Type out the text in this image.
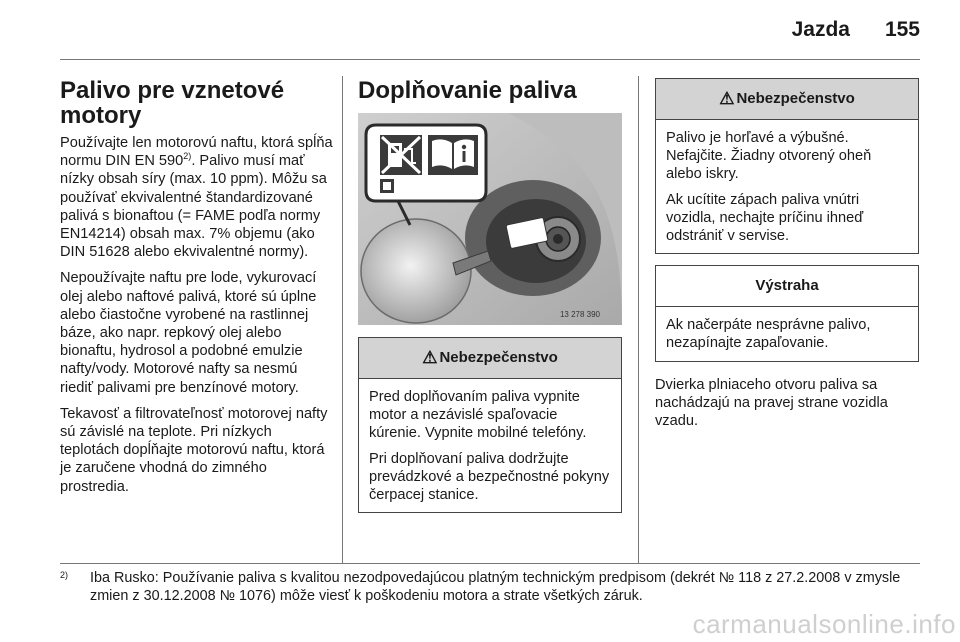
Jazda 155
Palivo pre vznetové motory

Používajte len motorovú naftu, ktorá spĺňa normu DIN EN 590$^{2)}$. Palivo musí mať nízky obsah síry (max. 10 ppm). Môžu sa používať ekvivalentné štandardizované palivá s bionaftou (= FAME podľa normy EN14214) obsah max. 7% objemu (ako DIN 51628 alebo ekvivalentné normy).

Nepoužívajte naftu pre lode, vykurovací olej alebo naftové palivá, ktoré sú úplne alebo čiastočne vyrobené na rastlinnej báze, ako napr. repkový olej alebo bionaftu, hydrosol a podobné emulzie nafty/vody. Motorové nafty sa nesmú riediť palivami pre benzínové motory.

Tekavosť a filtrovateľnosť motorovej nafty sú závislé na teplote. Pri nízkych teplotách dopĺňajte motorovú naftu, ktorá je zaručene vhodná do zimného prostredia.

Doplňovanie paliva
13 278 390
⚠ Nebezpečenstvo

Pred doplňovaním paliva vypnite motor a nezávislé spaľovacie kúrenie. Vypnite mobilné telefóny.

Pri doplňovaní paliva dodržujte prevádzkové a bezpečnostné pokyny čerpacej stanice.

⚠ Nebezpečenstvo

Palivo je horľavé a výbušné. Nefajčite. Žiadny otvorený oheň alebo iskry.

Ak ucítite zápach paliva vnútri vozidla, nechajte príčinu ihneď odstrániť v servise.

Výstraha

Ak načerpáte nesprávne palivo, nezapínajte zapaľovanie.

Dvierka plniaceho otvoru paliva sa nachádzajú na pravej strane vozidla vzadu.

2) Iba Rusko: Používanie paliva s kvalitou nezodpovedajúcou platným technickým predpisom (dekrét № 118 z 27.2.2008 v zmysle zmien z 30.12.2008 № 1076) môže viesť k poškodeniu motora a strate všetkých záruk.
carmanualsonline.info
